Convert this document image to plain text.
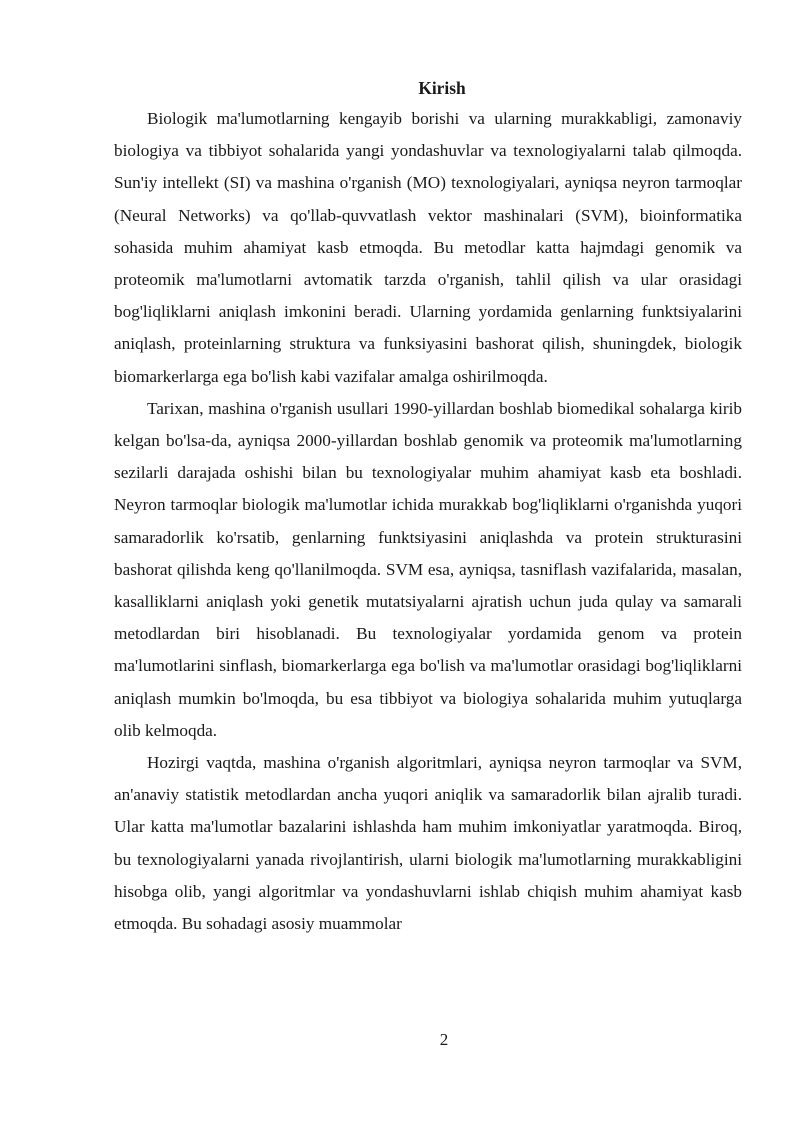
Kirish

Biologik ma'lumotlarning kengayib borishi va ularning murakkabligi, zamonaviy biologiya va tibbiyot sohalarida yangi yondashuvlar va texnologiyalarni talab qilmoqda. Sun'iy intellekt (SI) va mashina o'rganish (MO) texnologiyalari, ayniqsa neyron tarmoqlar (Neural Networks) va qo'llab-quvvatlash vektor mashinalari (SVM), bioinformatika sohasida muhim ahamiyat kasb etmoqda. Bu metodlar katta hajmdagi genomik va proteomik ma'lumotlarni avtomatik tarzda o'rganish, tahlil qilish va ular orasidagi bog'liqliklarni aniqlash imkonini beradi. Ularning yordamida genlarning funktsiyalarini aniqlash, proteinlarning struktura va funksiyasini bashorat qilish, shuningdek, biologik biomarkerlarga ega bo'lish kabi vazifalar amalga oshirilmoqda.

Tarixan, mashina o'rganish usullari 1990-yillardan boshlab biomedikal sohalarga kirib kelgan bo'lsa-da, ayniqsa 2000-yillardan boshlab genomik va proteomik ma'lumotlarning sezilarli darajada oshishi bilan bu texnologiyalar muhim ahamiyat kasb eta boshladi. Neyron tarmoqlar biologik ma'lumotlar ichida murakkab bog'liqliklarni o'rganishda yuqori samaradorlik ko'rsatib, genlarning funktsiyasini aniqlashda va protein strukturasini bashorat qilishda keng qo'llanilmoqda. SVM esa, ayniqsa, tasniflash vazifalarida, masalan, kasalliklarni aniqlash yoki genetik mutatsiyalarni ajratish uchun juda qulay va samarali metodlardan biri hisoblanadi. Bu texnologiyalar yordamida genom va protein ma'lumotlarini sinflash, biomarkerlarga ega bo'lish va ma'lumotlar orasidagi bog'liqliklarni aniqlash mumkin bo'lmoqda, bu esa tibbiyot va biologiya sohalarida muhim yutuqlarga olib kelmoqda.

Hozirgi vaqtda, mashina o'rganish algoritmlari, ayniqsa neyron tarmoqlar va SVM, an'anaviy statistik metodlardan ancha yuqori aniqlik va samaradorlik bilan ajralib turadi. Ular katta ma'lumotlar bazalarini ishlashda ham muhim imkoniyatlar yaratmoqda. Biroq, bu texnologiyalarni yanada rivojlantirish, ularni biologik ma'lumotlarning murakkabligini hisobga olib, yangi algoritmlar va yondashuvlarni ishlab chiqish muhim ahamiyat kasb etmoqda. Bu sohadagi asosiy muammolar

2
